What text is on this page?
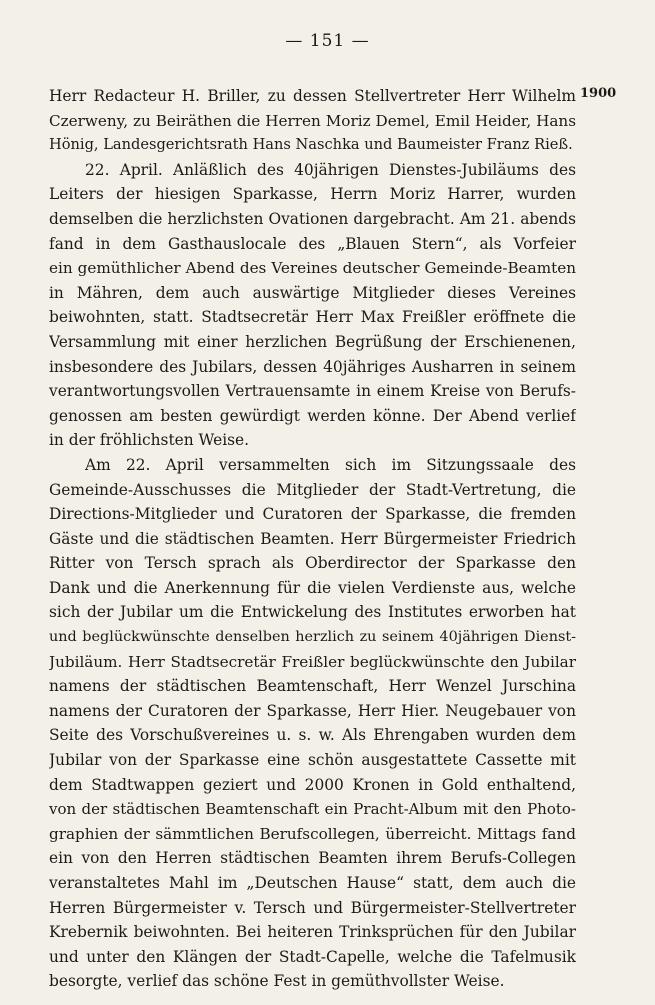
— 151 —
1900
Herr Redacteur H. Briller, zu dessen Stellvertreter Herr Wilhelm
Czerweny, zu Beiräthen die Herren Moriz Demel, Emil Heider, Hans
Hönig, Landesgerichtsrath Hans Naschka und Baumeister Franz Rieß.
22. April. Anläßlich des 40jährigen Dienstes-Jubiläums des
Leiters der hiesigen Sparkasse, Herrn Moriz Harrer, wurden
demselben die herzlichsten Ovationen dargebracht. Am 21. abends
fand in dem Gasthauslocale des „Blauen Stern“, als Vorfeier
ein gemüthlicher Abend des Vereines deutscher Gemeinde-Beamten
in Mähren, dem auch auswärtige Mitglieder dieses Vereines
beiwohnten, statt. Stadtsecretär Herr Max Freißler eröffnete die
Versammlung mit einer herzlichen Begrüßung der Erschienenen,
insbesondere des Jubilars, dessen 40jähriges Ausharren in seinem
verantwortungsvollen Vertrauensamte in einem Kreise von Berufs-
genossen am besten gewürdigt werden könne. Der Abend verlief
in der fröhlichsten Weise.
Am 22. April versammelten sich im Sitzungssaale des
Gemeinde-Ausschusses die Mitglieder der Stadt-Vertretung, die
Directions-Mitglieder und Curatoren der Sparkasse, die fremden
Gäste und die städtischen Beamten. Herr Bürgermeister Friedrich
Ritter von Tersch sprach als Oberdirector der Sparkasse den
Dank und die Anerkennung für die vielen Verdienste aus, welche
sich der Jubilar um die Entwickelung des Institutes erworben hat
und beglückwünschte denselben herzlich zu seinem 40jährigen Dienst-
Jubiläum. Herr Stadtsecretär Freißler beglückwünschte den Jubilar
namens der städtischen Beamtenschaft, Herr Wenzel Jurschina
namens der Curatoren der Sparkasse, Herr Hier. Neugebauer von
Seite des Vorschußvereines u. s. w. Als Ehrengaben wurden dem
Jubilar von der Sparkasse eine schön ausgestattete Cassette mit
dem Stadtwappen geziert und 2000 Kronen in Gold enthaltend,
von der städtischen Beamtenschaft ein Pracht-Album mit den Photo-
graphien der sämmtlichen Berufscollegen, überreicht. Mittags fand
ein von den Herren städtischen Beamten ihrem Berufs-Collegen
veranstaltetes Mahl im „Deutschen Hause“ statt, dem auch die
Herren Bürgermeister v. Tersch und Bürgermeister-Stellvertreter
Krebernik beiwohnten. Bei heiteren Trinksprüchen für den Jubilar
und unter den Klängen der Stadt-Capelle, welche die Tafelmusik
besorgte, verlief das schöne Fest in gemüthvollster Weise.
